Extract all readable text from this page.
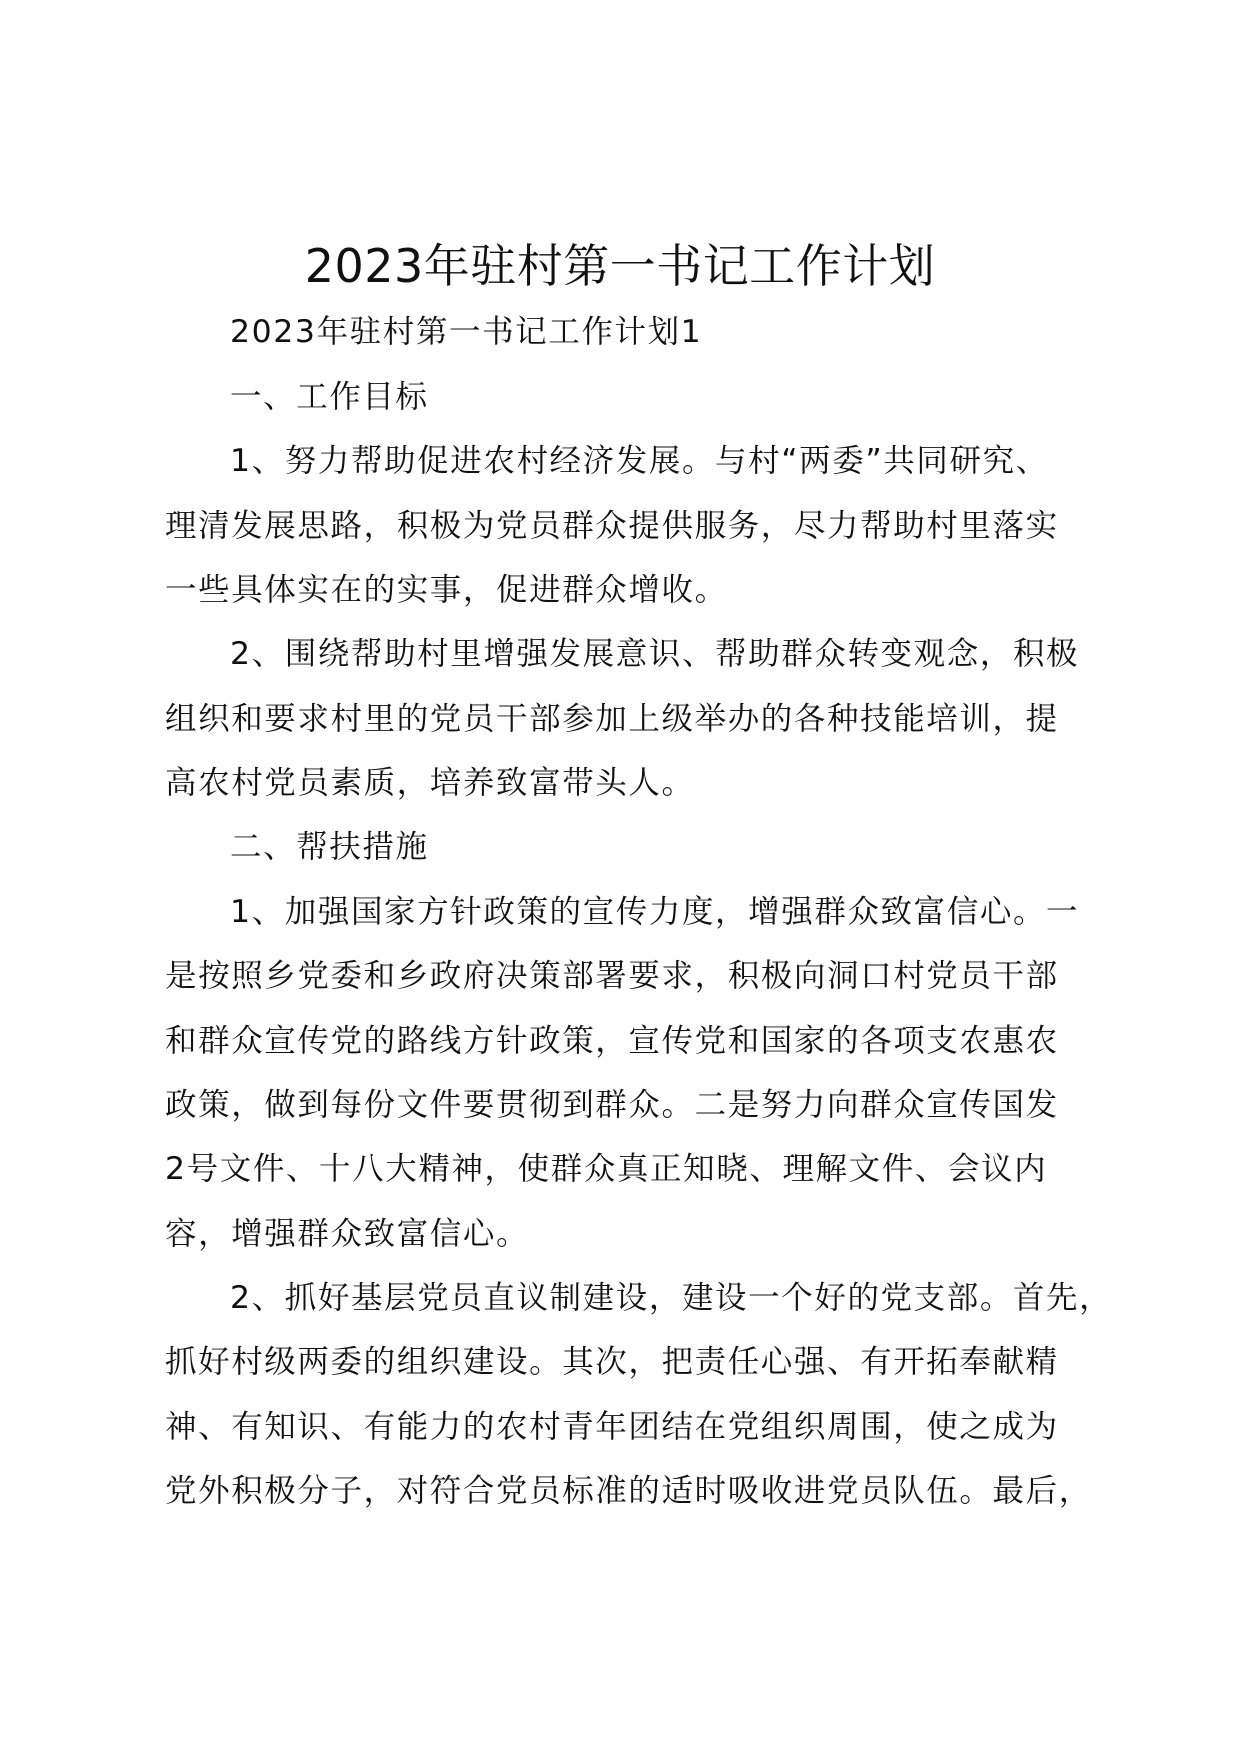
2023年驻村第一书记工作计划
2023年驻村第一书记工作计划1
一、工作目标
1、努力帮助促进农村经济发展。与村“两委”共同研究、
理清发展思路，积极为党员群众提供服务，尽力帮助村里落实
一些具体实在的实事，促进群众增收。
2、围绕帮助村里增强发展意识、帮助群众转变观念，积极
组织和要求村里的党员干部参加上级举办的各种技能培训，提
高农村党员素质，培养致富带头人。
二、帮扶措施
1、加强国家方针政策的宣传力度，增强群众致富信心。一
是按照乡党委和乡政府决策部署要求，积极向洞口村党员干部
和群众宣传党的路线方针政策，宣传党和国家的各项支农惠农
政策，做到每份文件要贯彻到群众。二是努力向群众宣传国发
2号文件、十八大精神，使群众真正知晓、理解文件、会议内
容，增强群众致富信心。
2、抓好基层党员直议制建设，建设一个好的党支部。首先，
抓好村级两委的组织建设。其次，把责任心强、有开拓奉献精
神、有知识、有能力的农村青年团结在党组织周围，使之成为
党外积极分子，对符合党员标准的适时吸收进党员队伍。最后，
